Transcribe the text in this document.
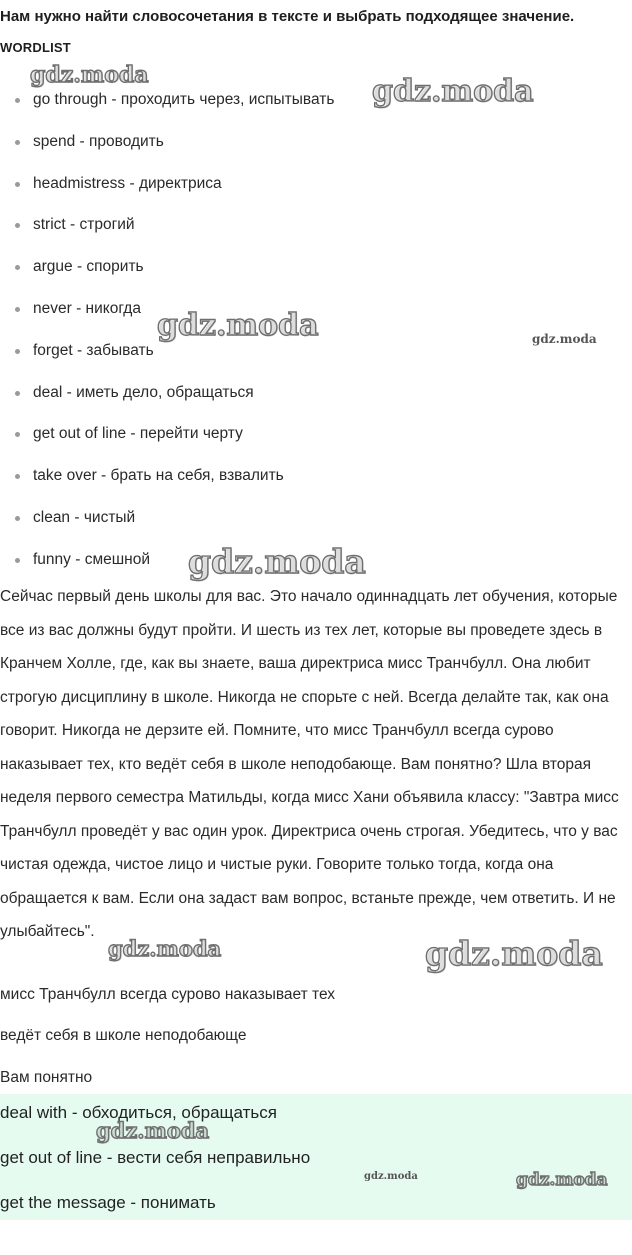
Нам нужно найти словосочетания в тексте и выбрать подходящее значение.
WORDLIST
go through - проходить через, испытывать
spend - проводить
headmistress - директриса
strict - строгий
argue - спорить
never - никогда
forget - забывать
deal - иметь дело, обращаться
get out of line - перейти черту
take over - брать на себя, взвалить
clean - чистый
funny - смешной

Сейчас первый день школы для вас. Это начало одиннадцать лет обучения, которые все из вас должны будут пройти. И шесть из тех лет, которые вы проведете здесь в Кранчем Холле, где, как вы знаете, ваша директриса мисс Транчбулл. Она любит строгую дисциплину в школе. Никогда не спорьте с ней. Всегда делайте так, как она говорит. Никогда не дерзите ей. Помните, что мисс Транчбулл всегда сурово наказывает тех, кто ведёт себя в школе неподобающе. Вам понятно? Шла вторая неделя первого семестра Матильды, когда мисс Хани объявила классу: "Завтра мисс Транчбулл проведёт у вас один урок. Директриса очень строгая. Убедитесь, что у вас чистая одежда, чистое лицо и чистые руки. Говорите только тогда, когда она обращается к вам. Если она задаст вам вопрос, встаньте прежде, чем ответить. И не улыбайтесь".

мисс Транчбулл всегда сурово наказывает тех
ведёт себя в школе неподобающе
Вам понятно
deal with - обходиться, обращаться
get out of line - вести себя неправильно
get the message - понимать
gdz.moda	gdz.moda
gdz.moda	gdz.moda
gdz.moda
gdz.moda	gdz.moda
gdz.moda
